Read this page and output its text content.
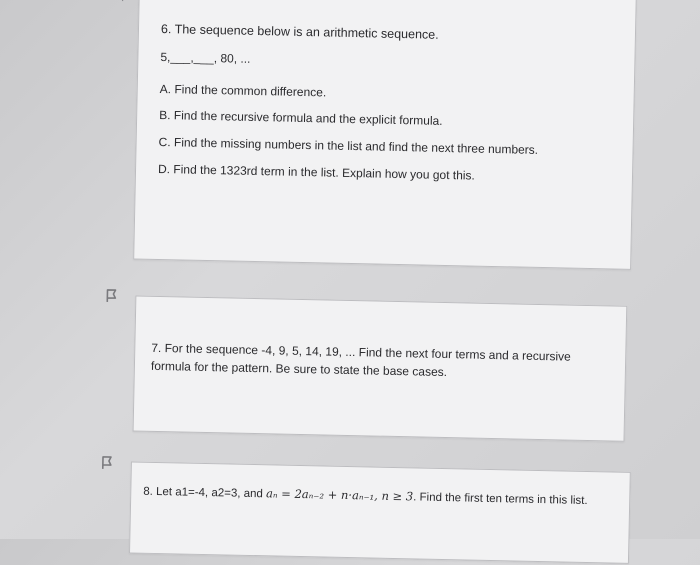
6. The sequence below is an arithmetic sequence.
5,___,___, 80, ...
A. Find the common difference.
B. Find the recursive formula and the explicit formula.
C. Find the missing numbers in the list and find the next three numbers.
D. Find the 1323rd term in the list. Explain how you got this.
7. For the sequence -4, 9, 5, 14, 19, ... Find the next four terms and a recursive formula for the pattern. Be sure to state the base cases.
8. Let a1=-4, a2=3, and aₙ = 2aₙ₋₂ + n·aₙ₋₁, n ≥ 3. Find the first ten terms in this list.
